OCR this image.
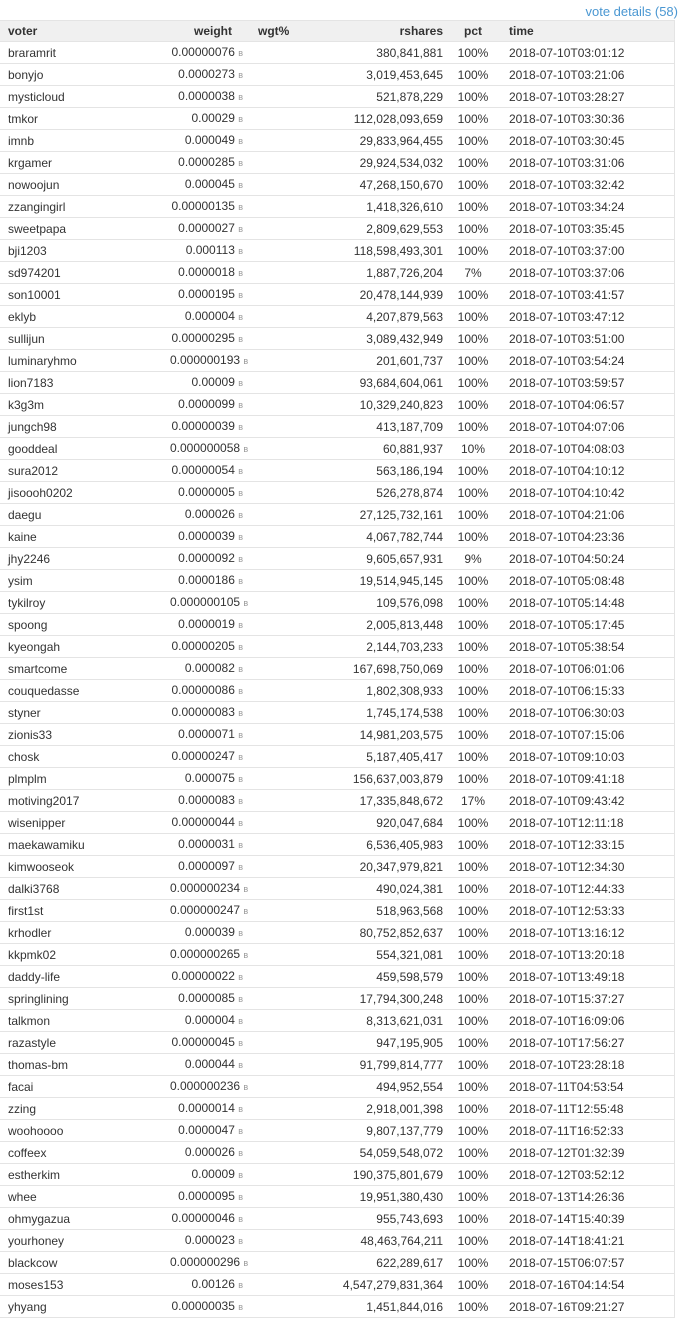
vote details (58)
voter	weight	wgt%	rshares	pct	time
braramrit	0.00000076 ʙ		380,841,881	100%	2018-07-10T03:01:12
bonyjo	0.0000273 ʙ		3,019,453,645	100%	2018-07-10T03:21:06
mysticloud	0.0000038 ʙ		521,878,229	100%	2018-07-10T03:28:27
tmkor	0.00029 ʙ		112,028,093,659	100%	2018-07-10T03:30:36
imnb	0.000049 ʙ		29,833,964,455	100%	2018-07-10T03:30:45
krgamer	0.0000285 ʙ		29,924,534,032	100%	2018-07-10T03:31:06
nowoojun	0.000045 ʙ		47,268,150,670	100%	2018-07-10T03:32:42
zzangingirl	0.00000135 ʙ		1,418,326,610	100%	2018-07-10T03:34:24
sweetpapa	0.0000027 ʙ		2,809,629,553	100%	2018-07-10T03:35:45
bji1203	0.000113 ʙ		118,598,493,301	100%	2018-07-10T03:37:00
sd974201	0.0000018 ʙ		1,887,726,204	7%	2018-07-10T03:37:06
son10001	0.0000195 ʙ		20,478,144,939	100%	2018-07-10T03:41:57
eklyb	0.000004 ʙ		4,207,879,563	100%	2018-07-10T03:47:12
sullijun	0.00000295 ʙ		3,089,432,949	100%	2018-07-10T03:51:00
luminaryhmo	0.000000193 ʙ		201,601,737	100%	2018-07-10T03:54:24
lion7183	0.00009 ʙ		93,684,604,061	100%	2018-07-10T03:59:57
k3g3m	0.0000099 ʙ		10,329,240,823	100%	2018-07-10T04:06:57
jungch98	0.00000039 ʙ		413,187,709	100%	2018-07-10T04:07:06
gooddeal	0.000000058 ʙ		60,881,937	10%	2018-07-10T04:08:03
sura2012	0.00000054 ʙ		563,186,194	100%	2018-07-10T04:10:12
jisoooh0202	0.0000005 ʙ		526,278,874	100%	2018-07-10T04:10:42
daegu	0.000026 ʙ		27,125,732,161	100%	2018-07-10T04:21:06
kaine	0.0000039 ʙ		4,067,782,744	100%	2018-07-10T04:23:36
jhy2246	0.0000092 ʙ		9,605,657,931	9%	2018-07-10T04:50:24
ysim	0.0000186 ʙ		19,514,945,145	100%	2018-07-10T05:08:48
tykilroy	0.000000105 ʙ		109,576,098	100%	2018-07-10T05:14:48
spoong	0.0000019 ʙ		2,005,813,448	100%	2018-07-10T05:17:45
kyeongah	0.00000205 ʙ		2,144,703,233	100%	2018-07-10T05:38:54
smartcome	0.000082 ʙ		167,698,750,069	100%	2018-07-10T06:01:06
couquedasse	0.00000086 ʙ		1,802,308,933	100%	2018-07-10T06:15:33
styner	0.00000083 ʙ		1,745,174,538	100%	2018-07-10T06:30:03
zionis33	0.0000071 ʙ		14,981,203,575	100%	2018-07-10T07:15:06
chosk	0.00000247 ʙ		5,187,405,417	100%	2018-07-10T09:10:03
plmplm	0.000075 ʙ		156,637,003,879	100%	2018-07-10T09:41:18
motiving2017	0.0000083 ʙ		17,335,848,672	17%	2018-07-10T09:43:42
wisenipper	0.00000044 ʙ		920,047,684	100%	2018-07-10T12:11:18
maekawamiku	0.0000031 ʙ		6,536,405,983	100%	2018-07-10T12:33:15
kimwooseok	0.0000097 ʙ		20,347,979,821	100%	2018-07-10T12:34:30
dalki3768	0.000000234 ʙ		490,024,381	100%	2018-07-10T12:44:33
first1st	0.000000247 ʙ		518,963,568	100%	2018-07-10T12:53:33
krhodler	0.000039 ʙ		80,752,852,637	100%	2018-07-10T13:16:12
kkpmk02	0.000000265 ʙ		554,321,081	100%	2018-07-10T13:20:18
daddy-life	0.00000022 ʙ		459,598,579	100%	2018-07-10T13:49:18
springlining	0.0000085 ʙ		17,794,300,248	100%	2018-07-10T15:37:27
talkmon	0.000004 ʙ		8,313,621,031	100%	2018-07-10T16:09:06
razastyle	0.00000045 ʙ		947,195,905	100%	2018-07-10T17:56:27
thomas-bm	0.000044 ʙ		91,799,814,777	100%	2018-07-10T23:28:18
facai	0.000000236 ʙ		494,952,554	100%	2018-07-11T04:53:54
zzing	0.0000014 ʙ		2,918,001,398	100%	2018-07-11T12:55:48
woohoooo	0.0000047 ʙ		9,807,137,779	100%	2018-07-11T16:52:33
coffeex	0.000026 ʙ		54,059,548,072	100%	2018-07-12T01:32:39
estherkim	0.00009 ʙ		190,375,801,679	100%	2018-07-12T03:52:12
whee	0.0000095 ʙ		19,951,380,430	100%	2018-07-13T14:26:36
ohmygazua	0.00000046 ʙ		955,743,693	100%	2018-07-14T15:40:39
yourhoney	0.000023 ʙ		48,463,764,211	100%	2018-07-14T18:41:21
blackcow	0.000000296 ʙ		622,289,617	100%	2018-07-15T06:07:57
moses153	0.00126 ʙ		4,547,279,831,364	100%	2018-07-16T04:14:54
yhyang	0.00000035 ʙ		1,451,844,016	100%	2018-07-16T09:21:27
